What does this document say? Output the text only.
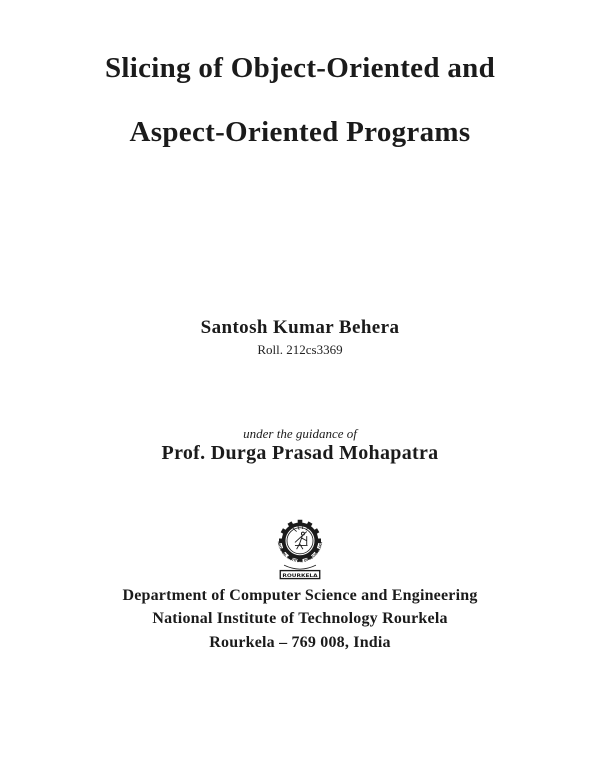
Slicing of Object-Oriented and
Aspect-Oriented Programs
Santosh Kumar Behera
Roll. 212cs3369
under the guidance of
Prof. Durga Prasad Mohapatra
NATIONAL INSTITUTE OF TECHNOLOGY
ROURKELA
Department of Computer Science and Engineering
National Institute of Technology Rourkela
Rourkela – 769 008, India
